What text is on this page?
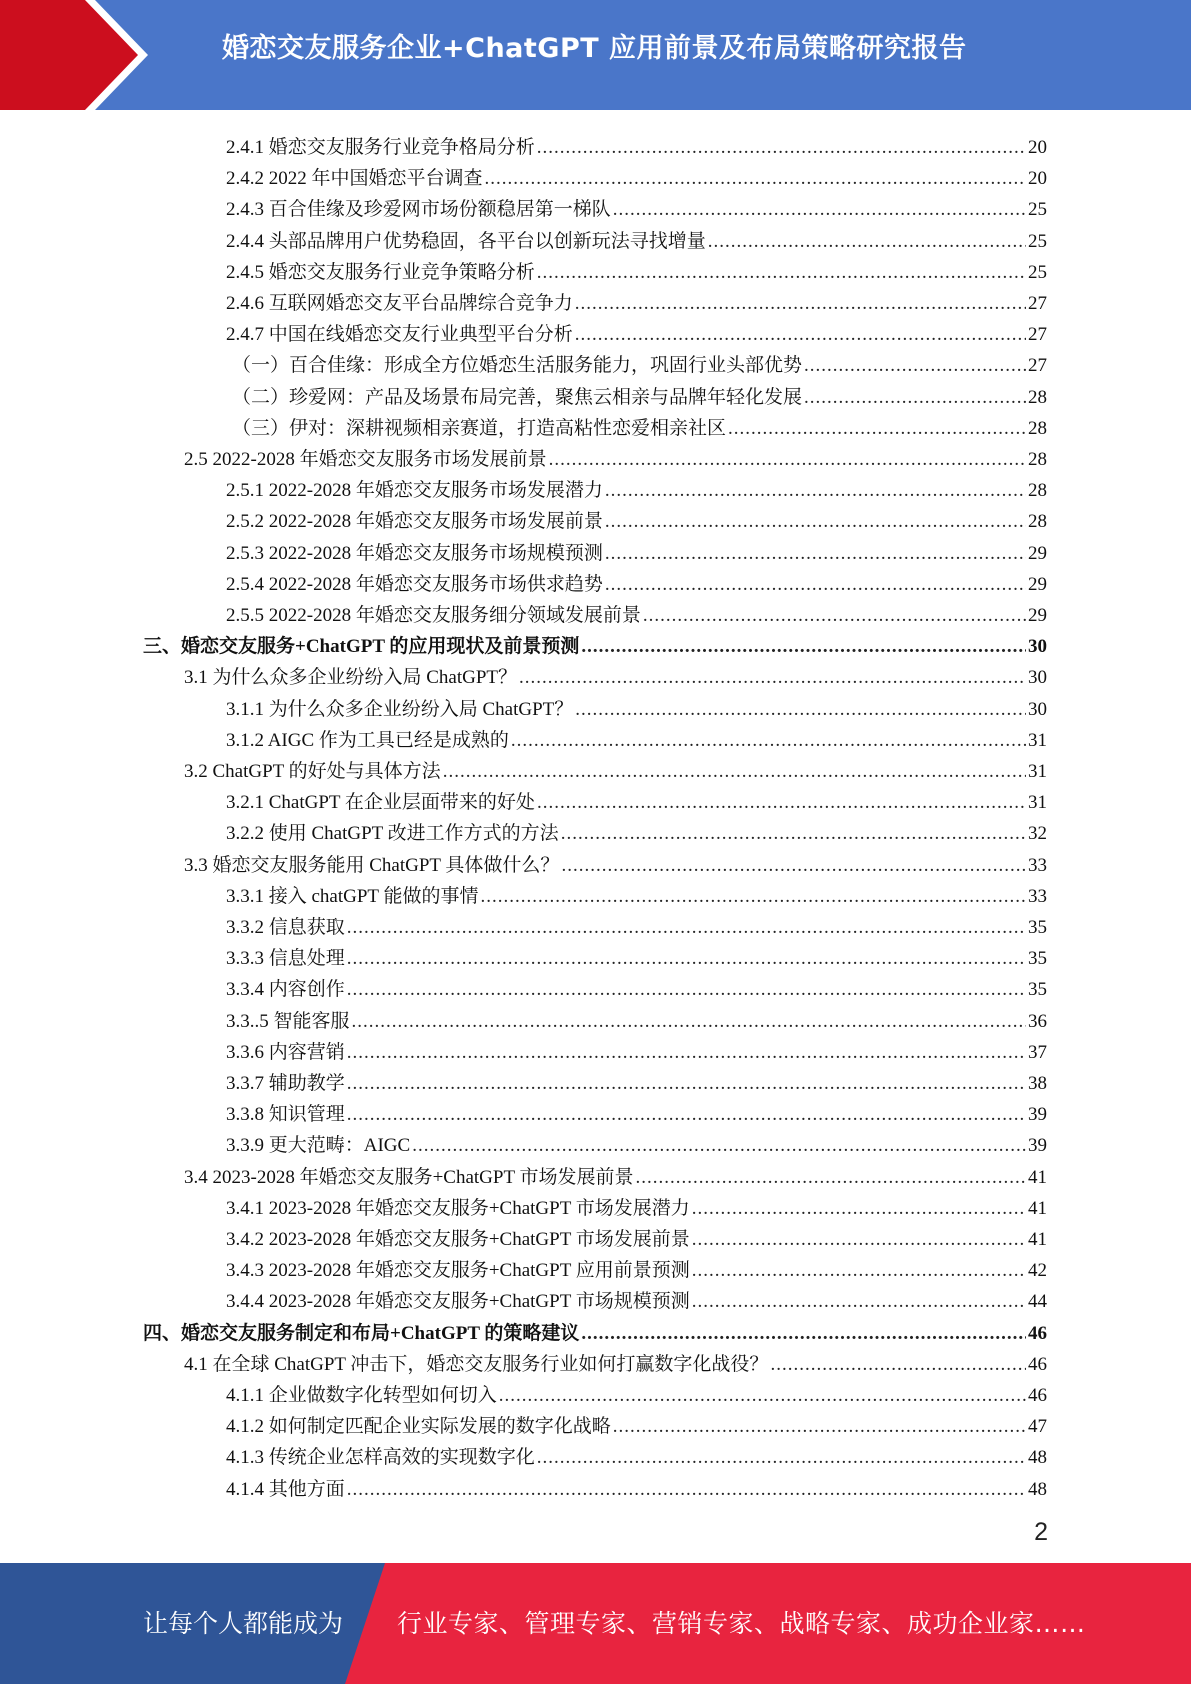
婚恋交友服务企业+ChatGPT 应用前景及布局策略研究报告
2.4.1 婚恋交友服务行业竞争格局分析 .....	20
2.4.2 2022 年中国婚恋平台调查 .....	20
2.4.3 百合佳缘及珍爱网市场份额稳居第一梯队 .....	25
2.4.4 头部品牌用户优势稳固，各平台以创新玩法寻找增量 .....	25
2.4.5 婚恋交友服务行业竞争策略分析 .....	25
2.4.6 互联网婚恋交友平台品牌综合竞争力 .....	27
2.4.7 中国在线婚恋交友行业典型平台分析 .....	27
（一）百合佳缘：形成全方位婚恋生活服务能力，巩固行业头部优势 .....	27
（二）珍爱网：产品及场景布局完善，聚焦云相亲与品牌年轻化发展 .....	28
（三）伊对：深耕视频相亲赛道，打造高粘性恋爱相亲社区 .....	28
2.5 2022-2028 年婚恋交友服务市场发展前景 .....	28
2.5.1 2022-2028 年婚恋交友服务市场发展潜力 .....	28
2.5.2 2022-2028 年婚恋交友服务市场发展前景 .....	28
2.5.3 2022-2028 年婚恋交友服务市场规模预测 .....	29
2.5.4 2022-2028 年婚恋交友服务市场供求趋势 .....	29
2.5.5 2022-2028 年婚恋交友服务细分领域发展前景 .....	29
三、婚恋交友服务+ChatGPT 的应用现状及前景预测 .....	30
3.1 为什么众多企业纷纷入局 ChatGPT？ .....	30
3.1.1 为什么众多企业纷纷入局 ChatGPT？ .....	30
3.1.2 AIGC 作为工具已经是成熟的 .....	31
3.2 ChatGPT 的好处与具体方法 .....	31
3.2.1 ChatGPT 在企业层面带来的好处 .....	31
3.2.2 使用 ChatGPT 改进工作方式的方法 .....	32
3.3 婚恋交友服务能用 ChatGPT 具体做什么？ .....	33
3.3.1 接入 chatGPT 能做的事情 .....	33
3.3.2 信息获取 .....	35
3.3.3 信息处理 .....	35
3.3.4 内容创作 .....	35
3.3..5 智能客服 .....	36
3.3.6 内容营销 .....	37
3.3.7 辅助教学 .....	38
3.3.8 知识管理 .....	39
3.3.9 更大范畴：AIGC .....	39
3.4 2023-2028 年婚恋交友服务+ChatGPT 市场发展前景 .....	41
3.4.1 2023-2028 年婚恋交友服务+ChatGPT 市场发展潜力 .....	41
3.4.2 2023-2028 年婚恋交友服务+ChatGPT 市场发展前景 .....	41
3.4.3 2023-2028 年婚恋交友服务+ChatGPT 应用前景预测 .....	42
3.4.4 2023-2028 年婚恋交友服务+ChatGPT 市场规模预测 .....	44
四、婚恋交友服务制定和布局+ChatGPT 的策略建议 .....	46
4.1 在全球 ChatGPT 冲击下，婚恋交友服务行业如何打赢数字化战役？ .....	46
4.1.1 企业做数字化转型如何切入 .....	46
4.1.2 如何制定匹配企业实际发展的数字化战略 .....	47
4.1.3 传统企业怎样高效的实现数字化 .....	48
4.1.4 其他方面 .....	48
2
让每个人都能成为 行业专家、管理专家、营销专家、战略专家、成功企业家……
